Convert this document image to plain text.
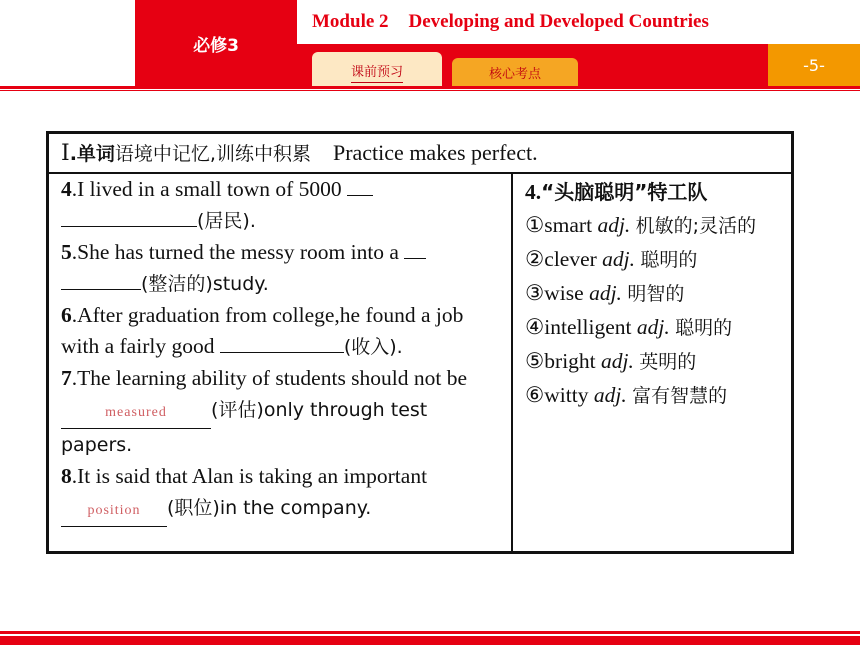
必修3
Module 2 Developing and Developed Countries
课前预习	核心考点	-5-
Ⅰ.单词语境中记忆,训练中积累 Practice makes perfect.
4.I lived in a small town of 5000
(居民).
5.She has turned the messy room into a
(整洁的)study.
6.After graduation from college,he found a job with a fairly good	(收入).
7.The learning ability of students should not be measured (评估)only through test papers.
8.It is said that Alan is taking an important
position (职位)in the company.
4.“头脑聪明”特工队
①smart adj. 机敏的;灵活的
②clever adj. 聪明的
③wise adj. 明智的
④intelligent adj. 聪明的
⑤bright adj. 英明的
⑥witty adj. 富有智慧的
